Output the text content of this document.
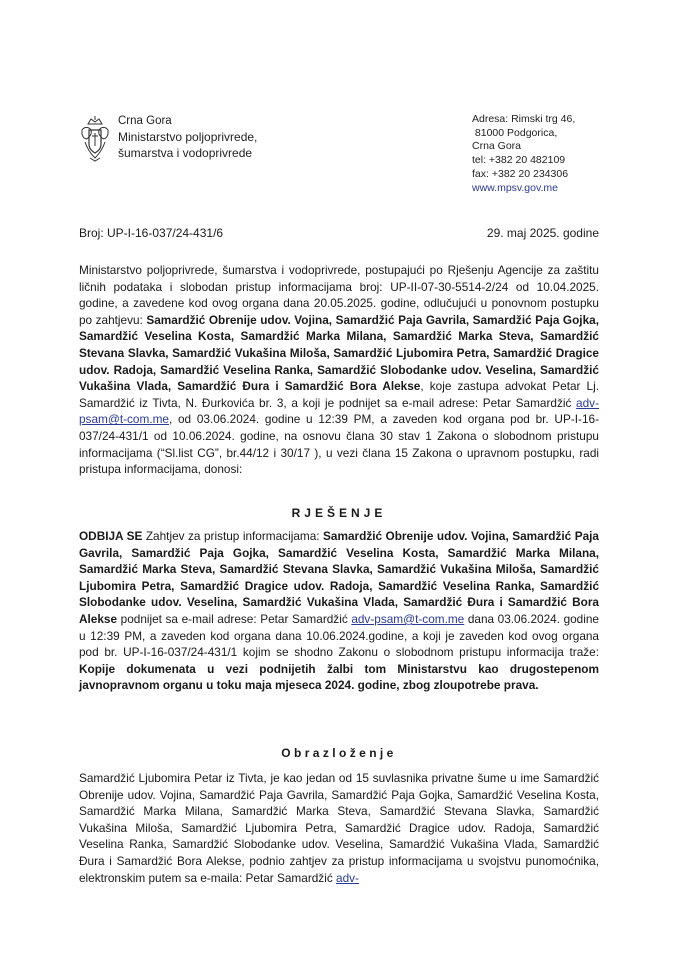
Crna Gora
Ministarstvo poljoprivrede,
šumarstva i vodoprivrede
Adresa: Rimski trg 46,
81000 Podgorica,
Crna Gora
tel: +382 20 482109
fax: +382 20 234306
www.mpsv.gov.me
Broj: UP-I-16-037/24-431/6	29. maj 2025. godine
Ministarstvo poljoprivrede, šumarstva i vodoprivrede, postupajući po Rješenju Agencije za zaštitu ličnih podataka i slobodan pristup informacijama broj: UP-II-07-30-5514-2/24 od 10.04.2025. godine, a zavedene kod ovog organa dana 20.05.2025. godine, odlučujući u ponovnom postupku po zahtjevu: Samardžić Obrenije udov. Vojina, Samardžić Paja Gavrila, Samardžić Paja Gojka, Samardžić Veselina Kosta, Samardžić Marka Milana, Samardžić Marka Steva, Samardžić Stevana Slavka, Samardžić Vukašina Miloša, Samardžić Ljubomira Petra, Samardžić Dragice udov. Radoja, Samardžić Veselina Ranka, Samardžić Slobodanke udov. Veselina, Samardžić Vukašina Vlada, Samardžić Đura i Samardžić Bora Alekse, koje zastupa advokat Petar Lj. Samardžić iz Tivta, N. Đurkovića br. 3, a koji je podnijet sa e-mail adrese: Petar Samardžić adv-psam@t-com.me, od 03.06.2024. godine u 12:39 PM, a zaveden kod organa pod br. UP-I-16-037/24-431/1 od 10.06.2024. godine, na osnovu člana 30 stav 1 Zakona o slobodnom pristupu informacijama (“Sl.list CG”, br.44/12 i 30/17 ), u vezi člana 15 Zakona o upravnom postupku, radi pristupa informacijama, donosi:
RJEŠENJE
ODBIJA SE Zahtjev za pristup informacijama: Samardžić Obrenije udov. Vojina, Samardžić Paja Gavrila, Samardžić Paja Gojka, Samardžić Veselina Kosta, Samardžić Marka Milana, Samardžić Marka Steva, Samardžić Stevana Slavka, Samardžić Vukašina Miloša, Samardžić Ljubomira Petra, Samardžić Dragice udov. Radoja, Samardžić Veselina Ranka, Samardžić Slobodanke udov. Veselina, Samardžić Vukašina Vlada, Samardžić Đura i Samardžić Bora Alekse podnijet sa e-mail adrese: Petar Samardžić adv-psam@t-com.me dana 03.06.2024. godine u 12:39 PM, a zaveden kod organa dana 10.06.2024.godine, a koji je zaveden kod ovog organa pod br. UP-I-16-037/24-431/1 kojim se shodno Zakonu o slobodnom pristupu informacija traže: Kopije dokumenata u vezi podnijetih žalbi tom Ministarstvu kao drugostepenom javnopravnom organu u toku maja mjeseca 2024. godine, zbog zloupotrebe prava.
Obrazloženje
Samardžić Ljubomira Petar iz Tivta, je kao jedan od 15 suvlasnika privatne šume u ime Samardžić Obrenije udov. Vojina, Samardžić Paja Gavrila, Samardžić Paja Gojka, Samardžić Veselina Kosta, Samardžić Marka Milana, Samardžić Marka Steva, Samardžić Stevana Slavka, Samardžić Vukašina Miloša, Samardžić Ljubomira Petra, Samardžić Dragice udov. Radoja, Samardžić Veselina Ranka, Samardžić Slobodanke udov. Veselina, Samardžić Vukašina Vlada, Samardžić Đura i Samardžić Bora Alekse, podnio zahtjev za pristup informacijama u svojstvu punomoćnika, elektronskim putem sa e-maila: Petar Samardžić adv-
